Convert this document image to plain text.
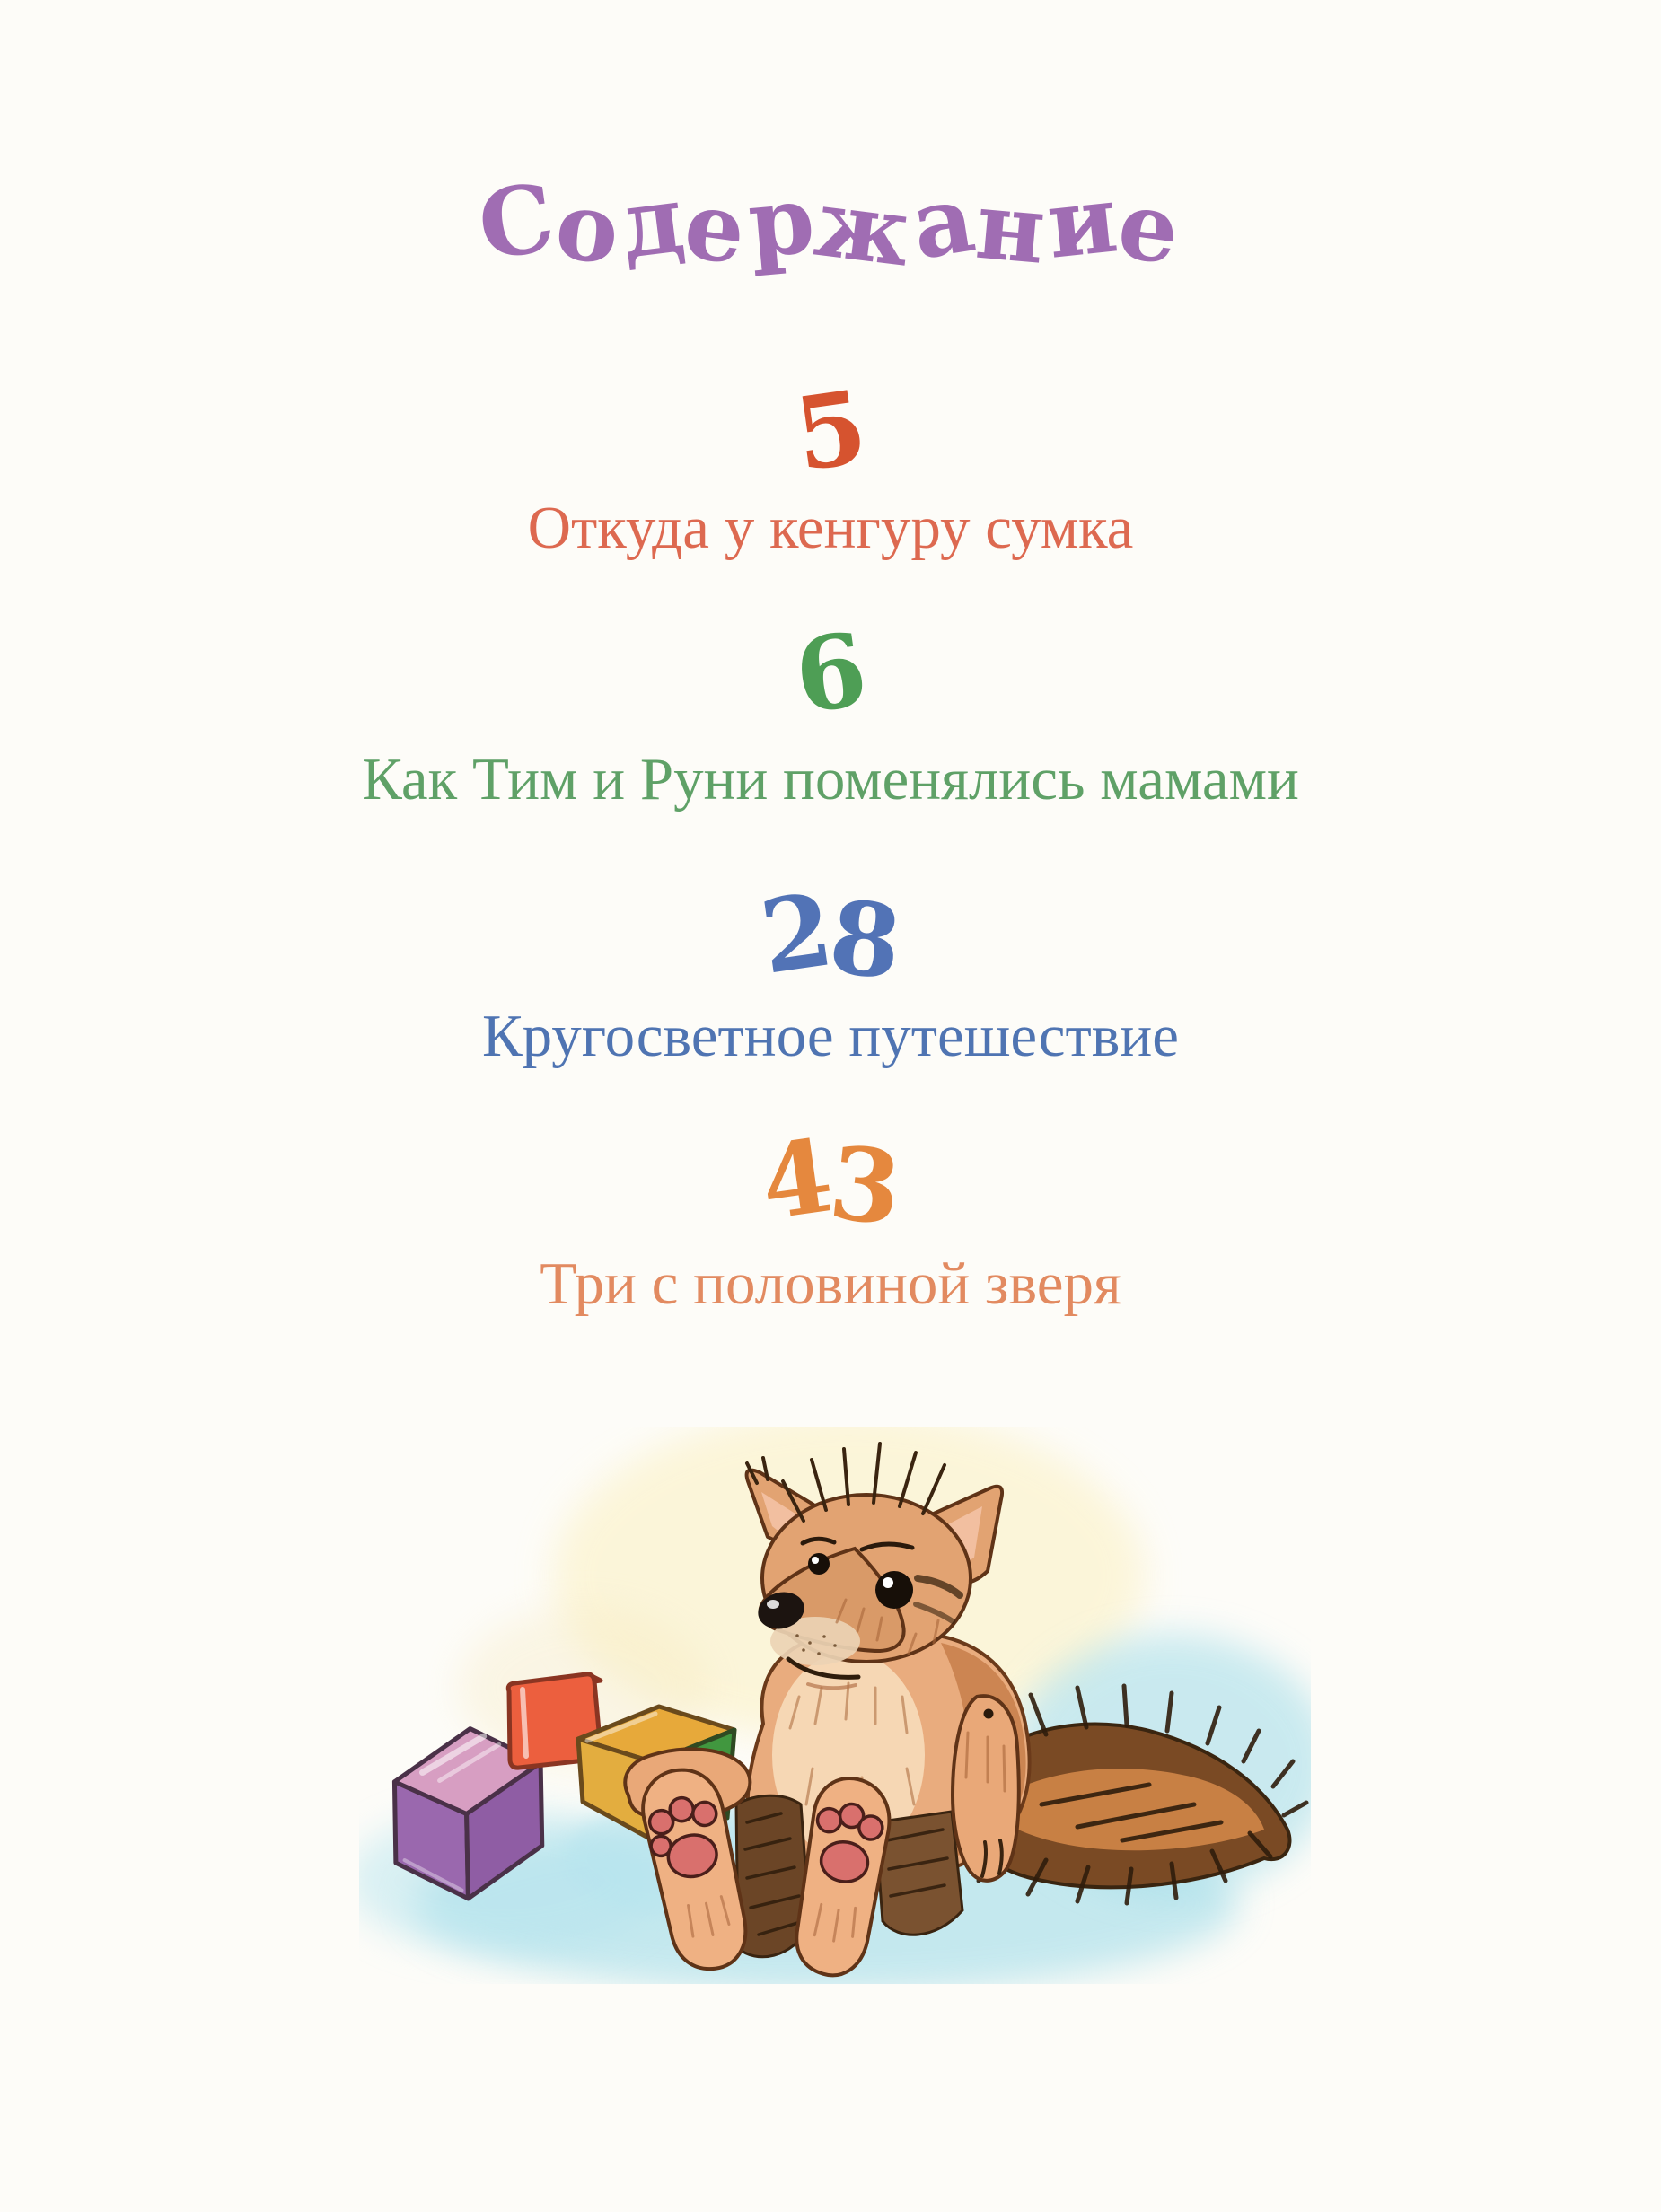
Содержание
5
Откуда у кенгуру сумка
6
Как Тим и Руни поменялись мамами
28
Кругосветное путешествие
43
Три с половиной зверя
